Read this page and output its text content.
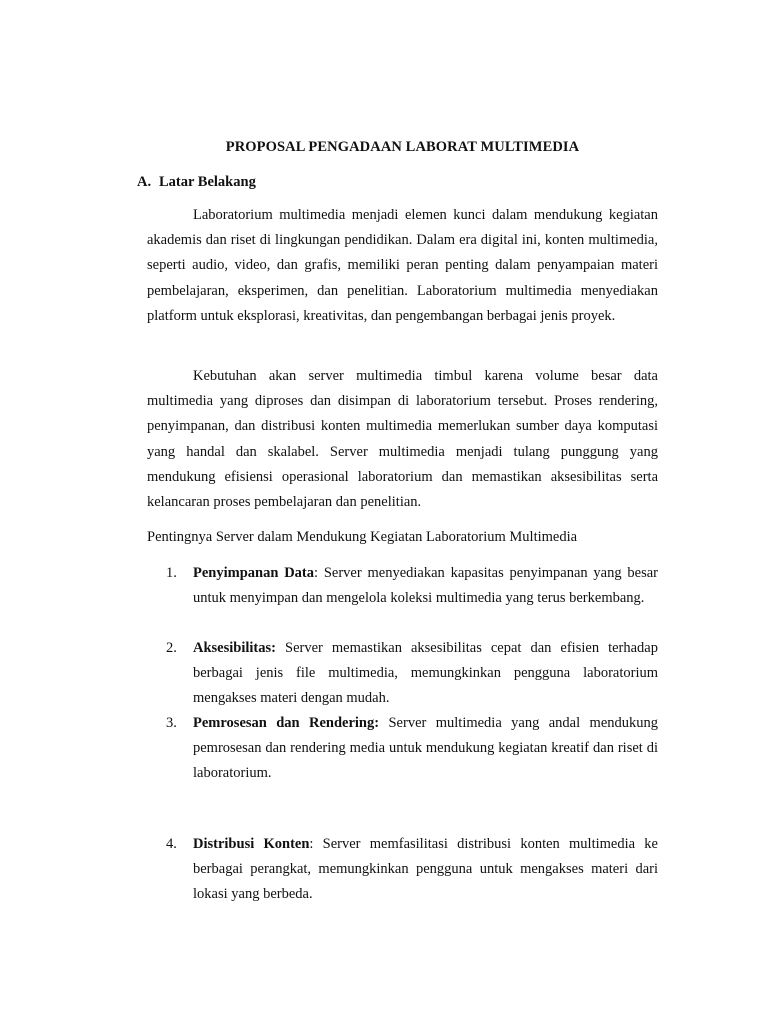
PROPOSAL PENGADAAN LABORAT MULTIMEDIA
A. Latar Belakang

Laboratorium multimedia menjadi elemen kunci dalam mendukung kegiatan akademis dan riset di lingkungan pendidikan. Dalam era digital ini, konten multimedia, seperti audio, video, dan grafis, memiliki peran penting dalam penyampaian materi pembelajaran, eksperimen, dan penelitian. Laboratorium multimedia menyediakan platform untuk eksplorasi, kreativitas, dan pengembangan berbagai jenis proyek.

Kebutuhan akan server multimedia timbul karena volume besar data multimedia yang diproses dan disimpan di laboratorium tersebut. Proses rendering, penyimpanan, dan distribusi konten multimedia memerlukan sumber daya komputasi yang handal dan skalabel. Server multimedia menjadi tulang punggung yang mendukung efisiensi operasional laboratorium dan memastikan aksesibilitas serta kelancaran proses pembelajaran dan penelitian.

Pentingnya Server dalam Mendukung Kegiatan Laboratorium Multimedia
1.	Penyimpanan Data: Server menyediakan kapasitas penyimpanan yang besar untuk menyimpan dan mengelola koleksi multimedia yang terus berkembang.
2.	Aksesibilitas: Server memastikan aksesibilitas cepat dan efisien terhadap berbagai jenis file multimedia, memungkinkan pengguna laboratorium mengakses materi dengan mudah.
3.	Pemrosesan dan Rendering: Server multimedia yang andal mendukung pemrosesan dan rendering media untuk mendukung kegiatan kreatif dan riset di laboratorium.
4.	Distribusi Konten: Server memfasilitasi distribusi konten multimedia ke berbagai perangkat, memungkinkan pengguna untuk mengakses materi dari lokasi yang berbeda.
